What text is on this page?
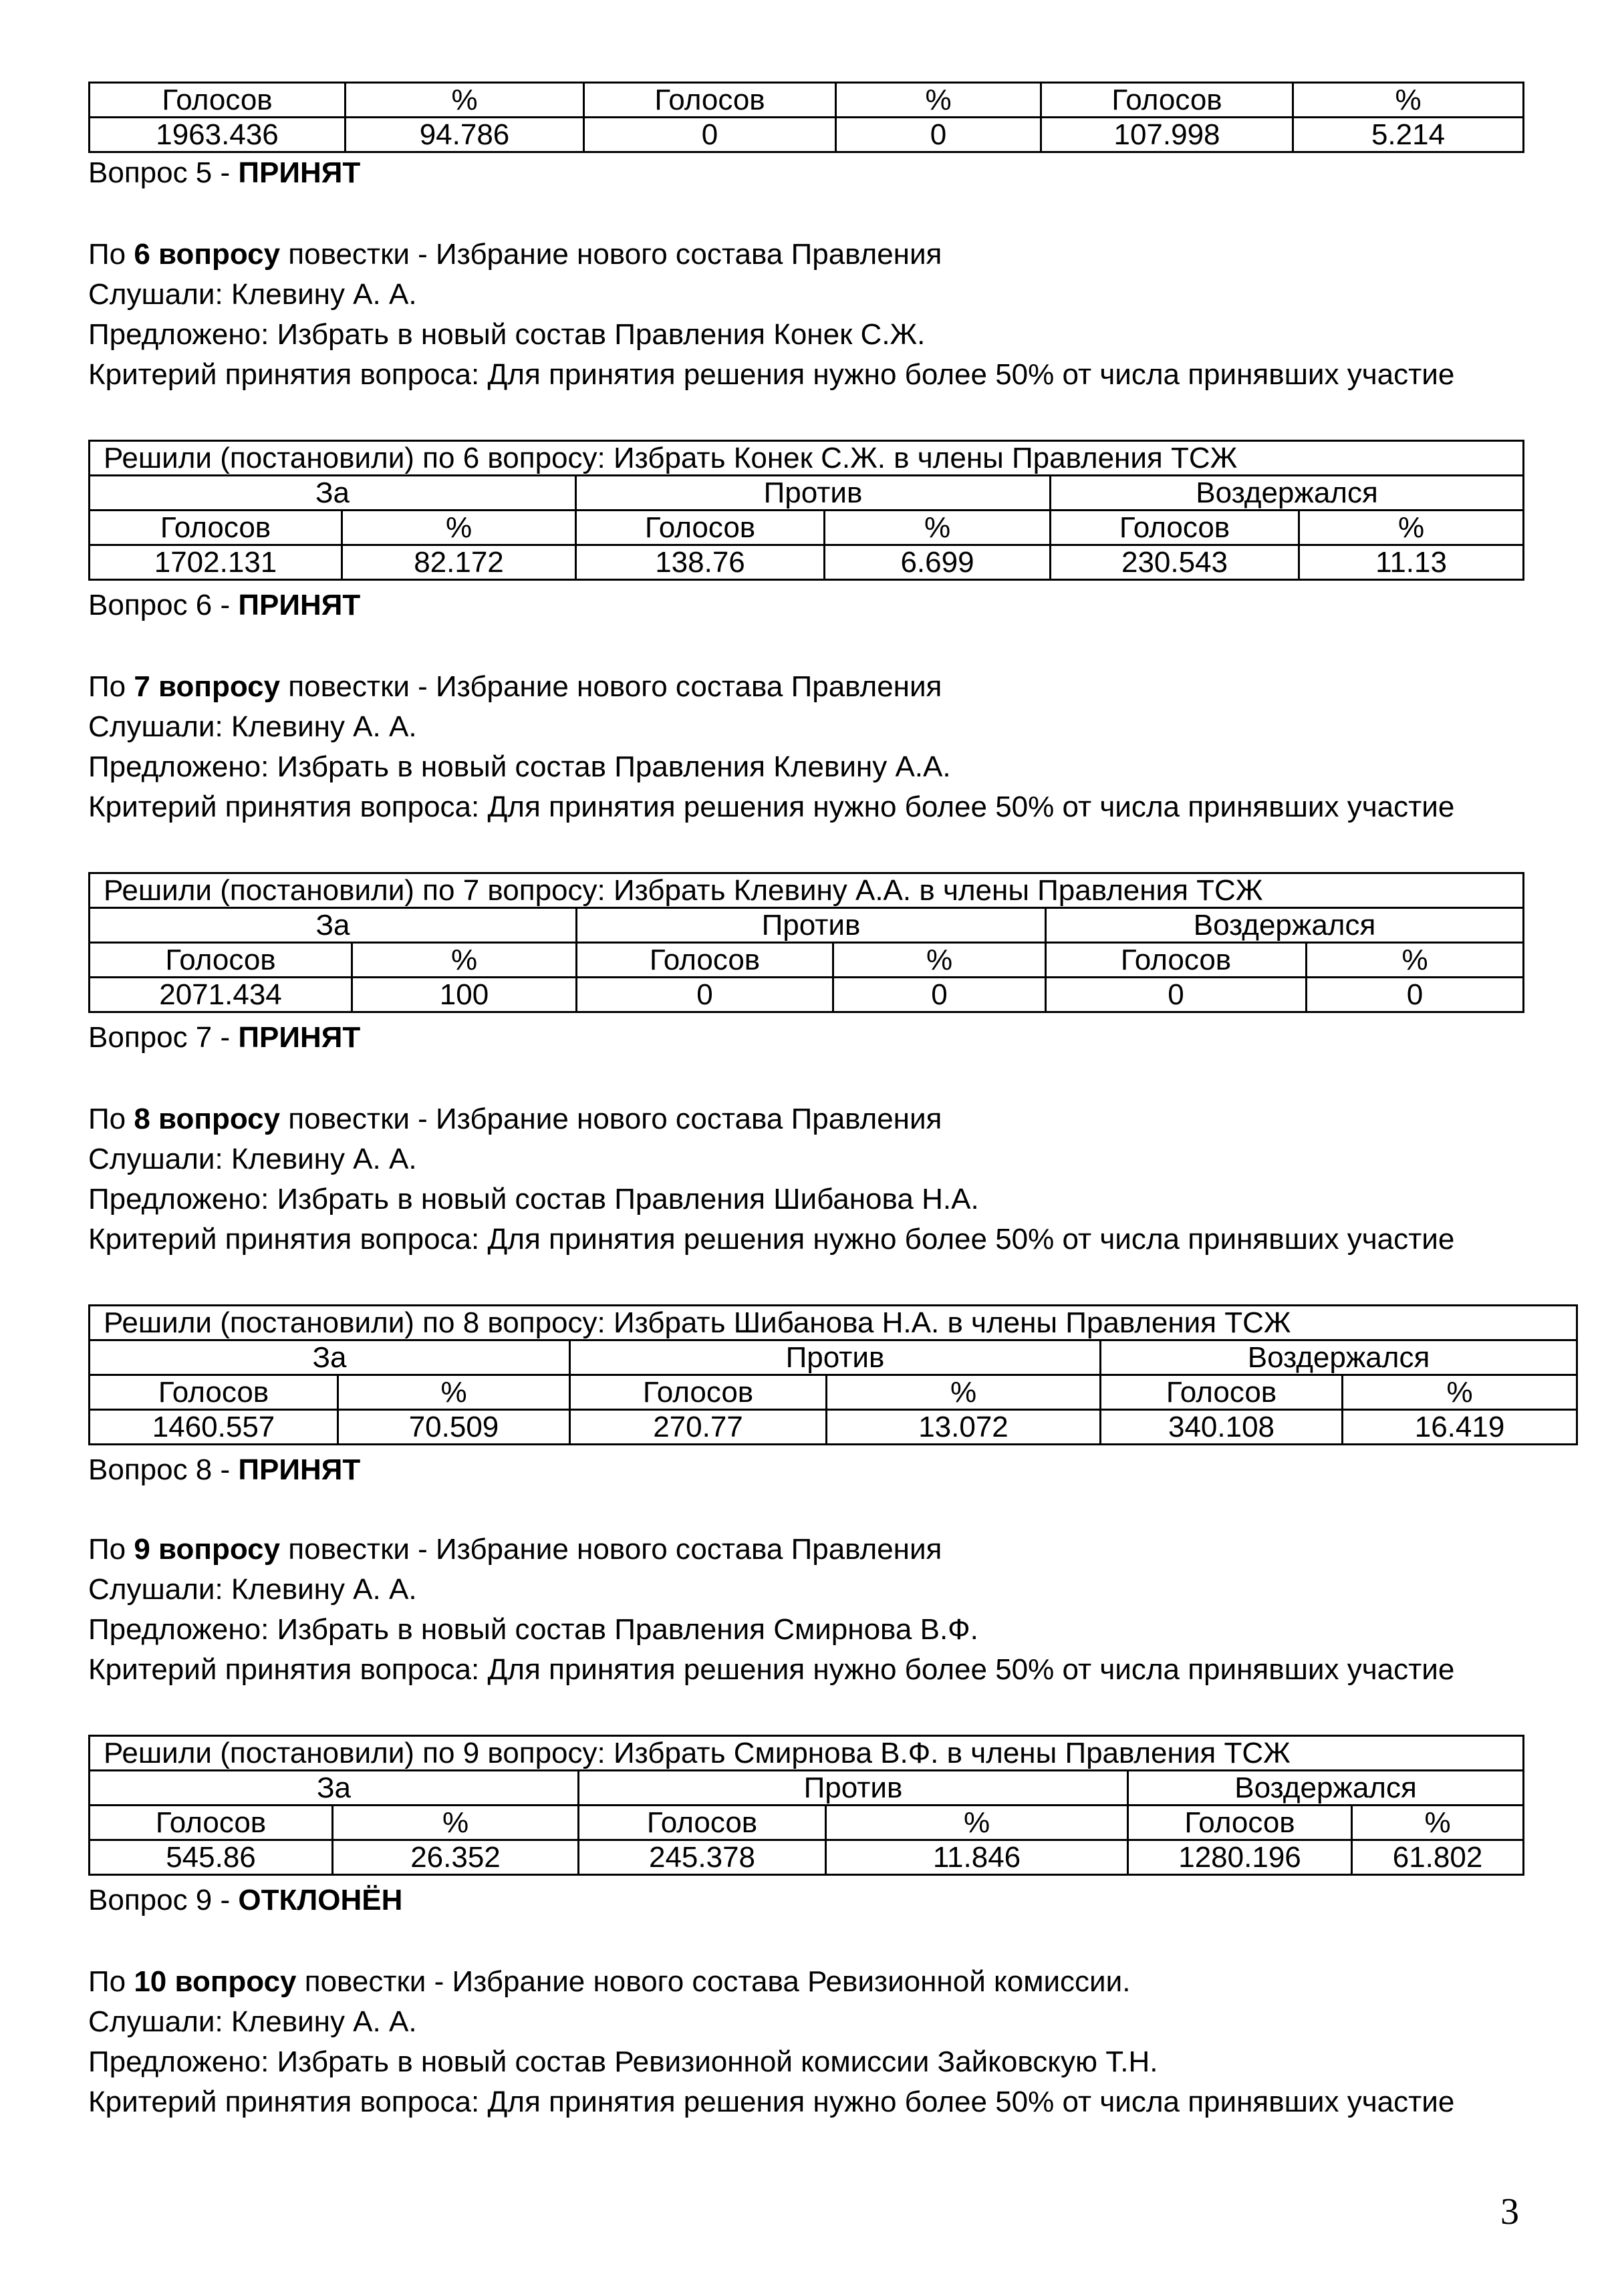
Голосов	%	Голосов	%	Голосов	%
1963.436	94.786	0	0	107.998	5.214
Вопрос 5 - ПРИНЯТ
По 6 вопросу повестки - Избрание нового состава Правления
Слушали: Клевину А. А.
Предложено: Избрать в новый состав Правления Конек С.Ж.
Критерий принятия вопроса: Для принятия решения нужно более 50% от числа принявших участие
Решили (постановили) по 6 вопросу: Избрать Конек С.Ж. в члены Правления ТСЖ					
За		Против		Воздержался	
Голосов	%	Голосов	%	Голосов	%
1702.131	82.172	138.76	6.699	230.543	11.13
Вопрос 6 - ПРИНЯТ
По 7 вопросу повестки - Избрание нового состава Правления
Слушали: Клевину А. А.
Предложено: Избрать в новый состав Правления Клевину А.А.
Критерий принятия вопроса: Для принятия решения нужно более 50% от числа принявших участие
Решили (постановили) по 7 вопросу: Избрать Клевину А.А. в члены Правления ТСЖ					
За		Против		Воздержался	
Голосов	%	Голосов	%	Голосов	%
2071.434	100	0	0	0	0
Вопрос 7 - ПРИНЯТ
По 8 вопросу повестки - Избрание нового состава Правления
Слушали: Клевину А. А.
Предложено: Избрать в новый состав Правления Шибанова Н.А.
Критерий принятия вопроса: Для принятия решения нужно более 50% от числа принявших участие
Решили (постановили) по 8 вопросу: Избрать Шибанова Н.А. в члены Правления ТСЖ					
За		Против		Воздержался	
Голосов	%	Голосов	%	Голосов	%
1460.557	70.509	270.77	13.072	340.108	16.419
Вопрос 8 - ПРИНЯТ
По 9 вопросу повестки - Избрание нового состава Правления
Слушали: Клевину А. А.
Предложено: Избрать в новый состав Правления Смирнова В.Ф.
Критерий принятия вопроса: Для принятия решения нужно более 50% от числа принявших участие
Решили (постановили) по 9 вопросу: Избрать Смирнова В.Ф. в члены Правления ТСЖ					
За		Против		Воздержался	
Голосов	%	Голосов	%	Голосов	%
545.86	26.352	245.378	11.846	1280.196	61.802
Вопрос 9 - ОТКЛОНЁН
По 10 вопросу повестки - Избрание нового состава Ревизионной комиссии.
Слушали: Клевину А. А.
Предложено: Избрать в новый состав Ревизионной комиссии Зайковскую Т.Н.
Критерий принятия вопроса: Для принятия решения нужно более 50% от числа принявших участие
3
